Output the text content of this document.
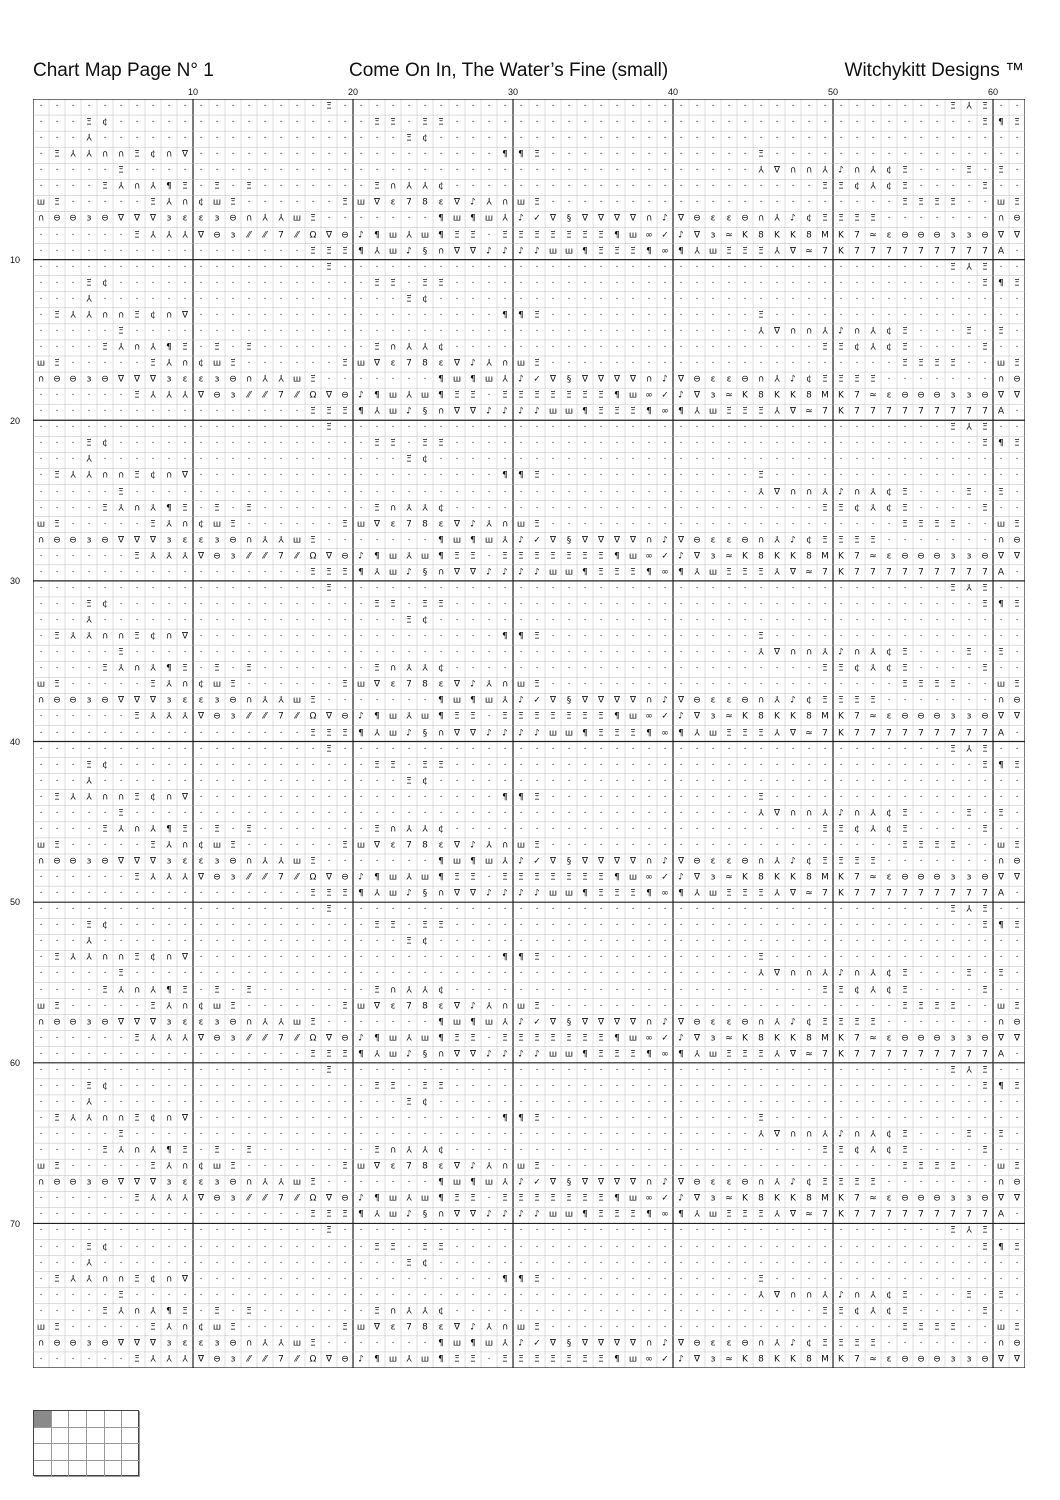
Chart Map Page N° 1	Come On In, The Water’s Fine (small)	Witchykitt Designs ™
10	20	30	40	50	60
10
20
30
40
50
60
70
· · · · · · · · · · · · · · · · · · Ξ · · · · · · · · · · · · · · · · · · · · · · · · · · · · · · · · · · · · · · Ξ ⅄ Ξ · ·
· · · Ξ ¢ · · · · · · · · · · · · · · · · Ξ Ξ · Ξ Ξ · · · · · · · · · · · · · · · · · · · · · · · · · · · · · · · · · Ξ ¶ Ξ
· · · ⅄ · · · · · · · · · · · · · · · · · · · Ξ ¢ · · · · · · · · · · · · · · · · · · · · · · · · · · · · · · · · · · · · ·
· Ξ ⅄ ⅄ ∩ ∩ Ξ ¢ ∩ ∇ · · · · · · · · · · · · · · · · · · · ¶ ¶ Ξ · · · · · · · · · · · · · Ξ · · · · · · · · · · · · · · · ·
· · · · · Ξ · · · · · · · · · · · · · · · · · · · · · · · · · · · · · · · · · · · · · · · ⅄ ∇ ∩ ∩ ⅄ ♪ ∩ ⅄ ¢ Ξ · · · Ξ · Ξ ·
· · · · Ξ ⅄ ∩ ⅄ ¶ Ξ · Ξ · Ξ · · · · · · · Ξ ∩ ⅄ ⅄ ¢ · · · · · · · · · · · · · · · · · · · · · · · Ξ Ξ ¢ ⅄ ¢ Ξ · · · · Ξ · ·
ш Ξ · · · · · Ξ ⅄ ∩ ¢ ш Ξ · · · · · · Ξ ш ∇ ε 7 8 ε ∇ ♪ ⅄ ∩ ш Ξ · · · · · · · · · · · · · · · · · · · · · · Ξ Ξ Ξ Ξ · · ш Ξ
∩ ⊖ ⊖ ɜ ⊖ ∇ ∇ ∇ ɜ ε ε ɜ ⊖ ∩ ⅄ ⅄ ш Ξ · · · · · · · ¶ ш ¶ ш ⅄ ♪ ✓ ∇ § ∇ ∇ ∇ ∇ ∩ ♪ ∇ ⊖ ε ε ⊖ ∩ ⅄ ♪ ¢ Ξ Ξ Ξ Ξ · · · · · · · ∩ ⊖
· · · · · · Ξ ⅄ ⅄ ⅄ ∇ ⊖ ɜ ⁄⁄ ⁄⁄ 7 ⁄⁄ Ω ∇ ⊖ ♪ ¶ ш ⅄ ш ¶ Ξ Ξ · Ξ Ξ Ξ Ξ Ξ Ξ Ξ ¶ ш ∞ ✓ ♪ ∇ ɜ ≈ K 8 K K 8 M K 7 ≈ ε ⊖ ⊖ ⊖ ɜ ɜ ⊖ ∇ ∇
· · · · · · · · · · · · · · · · · Ξ Ξ Ξ ¶ ⅄ ш ♪ § ∩ ∇ ∇ ♪ ♪ ♪ ♪ ш ш ¶ Ξ Ξ Ξ ¶ ∞ ¶ ⅄ ш Ξ Ξ Ξ ⅄ ∇ ≈ 7 K 7 7 7 7 7 7 7 7 7 A ·
· · · · · · · · · · · · · · · · · · Ξ · · · · · · · · · · · · · · · · · · · · · · · · · · · · · · · · · · · · · · Ξ ⅄ Ξ · ·
· · · Ξ ¢ · · · · · · · · · · · · · · · · Ξ Ξ · Ξ Ξ · · · · · · · · · · · · · · · · · · · · · · · · · · · · · · · · · Ξ ¶ Ξ
· · · ⅄ · · · · · · · · · · · · · · · · · · · Ξ ¢ · · · · · · · · · · · · · · · · · · · · · · · · · · · · · · · · · · · · ·
· Ξ ⅄ ⅄ ∩ ∩ Ξ ¢ ∩ ∇ · · · · · · · · · · · · · · · · · · · ¶ ¶ Ξ · · · · · · · · · · · · · Ξ · · · · · · · · · · · · · · · ·
· · · · · Ξ · · · · · · · · · · · · · · · · · · · · · · · · · · · · · · · · · · · · · · · ⅄ ∇ ∩ ∩ ⅄ ♪ ∩ ⅄ ¢ Ξ · · · Ξ · Ξ ·
· · · · Ξ ⅄ ∩ ⅄ ¶ Ξ · Ξ · Ξ · · · · · · · Ξ ∩ ⅄ ⅄ ¢ · · · · · · · · · · · · · · · · · · · · · · · Ξ Ξ ¢ ⅄ ¢ Ξ · · · · Ξ · ·
ш Ξ · · · · · Ξ ⅄ ∩ ¢ ш Ξ · · · · · · Ξ ш ∇ ε 7 8 ε ∇ ♪ ⅄ ∩ ш Ξ · · · · · · · · · · · · · · · · · · · · · · Ξ Ξ Ξ Ξ · · ш Ξ
∩ ⊖ ⊖ ɜ ⊖ ∇ ∇ ∇ ɜ ε ε ɜ ⊖ ∩ ⅄ ⅄ ш Ξ · · · · · · · ¶ ш ¶ ш ⅄ ♪ ✓ ∇ § ∇ ∇ ∇ ∇ ∩ ♪ ∇ ⊖ ε ε ⊖ ∩ ⅄ ♪ ¢ Ξ Ξ Ξ Ξ · · · · · · · ∩ ⊖
· · · · · · Ξ ⅄ ⅄ ⅄ ∇ ⊖ ɜ ⁄⁄ ⁄⁄ 7 ⁄⁄ Ω ∇ ⊖ ♪ ¶ ш ⅄ ш ¶ Ξ Ξ · Ξ Ξ Ξ Ξ Ξ Ξ Ξ ¶ ш ∞ ✓ ♪ ∇ ɜ ≈ K 8 K K 8 M K 7 ≈ ε ⊖ ⊖ ⊖ ɜ ɜ ⊖ ∇ ∇
· · · · · · · · · · · · · · · · · Ξ Ξ Ξ ¶ ⅄ ш ♪ § ∩ ∇ ∇ ♪ ♪ ♪ ♪ ш ш ¶ Ξ Ξ Ξ ¶ ∞ ¶ ⅄ ш Ξ Ξ Ξ ⅄ ∇ ≈ 7 K 7 7 7 7 7 7 7 7 7 A ·
· · · · · · · · · · · · · · · · · · Ξ · · · · · · · · · · · · · · · · · · · · · · · · · · · · · · · · · · · · · · Ξ ⅄ Ξ · ·
· · · Ξ ¢ · · · · · · · · · · · · · · · · Ξ Ξ · Ξ Ξ · · · · · · · · · · · · · · · · · · · · · · · · · · · · · · · · · Ξ ¶ Ξ
· · · ⅄ · · · · · · · · · · · · · · · · · · · Ξ ¢ · · · · · · · · · · · · · · · · · · · · · · · · · · · · · · · · · · · · ·
· Ξ ⅄ ⅄ ∩ ∩ Ξ ¢ ∩ ∇ · · · · · · · · · · · · · · · · · · · ¶ ¶ Ξ · · · · · · · · · · · · · Ξ · · · · · · · · · · · · · · · ·
· · · · · Ξ · · · · · · · · · · · · · · · · · · · · · · · · · · · · · · · · · · · · · · · ⅄ ∇ ∩ ∩ ⅄ ♪ ∩ ⅄ ¢ Ξ · · · Ξ · Ξ ·
· · · · Ξ ⅄ ∩ ⅄ ¶ Ξ · Ξ · Ξ · · · · · · · Ξ ∩ ⅄ ⅄ ¢ · · · · · · · · · · · · · · · · · · · · · · · Ξ Ξ ¢ ⅄ ¢ Ξ · · · · Ξ · ·
ш Ξ · · · · · Ξ ⅄ ∩ ¢ ш Ξ · · · · · · Ξ ш ∇ ε 7 8 ε ∇ ♪ ⅄ ∩ ш Ξ · · · · · · · · · · · · · · · · · · · · · · Ξ Ξ Ξ Ξ · · ш Ξ
∩ ⊖ ⊖ ɜ ⊖ ∇ ∇ ∇ ɜ ε ε ɜ ⊖ ∩ ⅄ ⅄ ш Ξ · · · · · · · ¶ ш ¶ ш ⅄ ♪ ✓ ∇ § ∇ ∇ ∇ ∇ ∩ ♪ ∇ ⊖ ε ε ⊖ ∩ ⅄ ♪ ¢ Ξ Ξ Ξ Ξ · · · · · · · ∩ ⊖
· · · · · · Ξ ⅄ ⅄ ⅄ ∇ ⊖ ɜ ⁄⁄ ⁄⁄ 7 ⁄⁄ Ω ∇ ⊖ ♪ ¶ ш ⅄ ш ¶ Ξ Ξ · Ξ Ξ Ξ Ξ Ξ Ξ Ξ ¶ ш ∞ ✓ ♪ ∇ ɜ ≈ K 8 K K 8 M K 7 ≈ ε ⊖ ⊖ ⊖ ɜ ɜ ⊖ ∇ ∇
· · · · · · · · · · · · · · · · · Ξ Ξ Ξ ¶ ⅄ ш ♪ § ∩ ∇ ∇ ♪ ♪ ♪ ♪ ш ш ¶ Ξ Ξ Ξ ¶ ∞ ¶ ⅄ ш Ξ Ξ Ξ ⅄ ∇ ≈ 7 K 7 7 7 7 7 7 7 7 7 A ·
· · · · · · · · · · · · · · · · · · Ξ · · · · · · · · · · · · · · · · · · · · · · · · · · · · · · · · · · · · · · Ξ ⅄ Ξ · ·
· · · Ξ ¢ · · · · · · · · · · · · · · · · Ξ Ξ · Ξ Ξ · · · · · · · · · · · · · · · · · · · · · · · · · · · · · · · · · Ξ ¶ Ξ
· · · ⅄ · · · · · · · · · · · · · · · · · · · Ξ ¢ · · · · · · · · · · · · · · · · · · · · · · · · · · · · · · · · · · · · ·
· Ξ ⅄ ⅄ ∩ ∩ Ξ ¢ ∩ ∇ · · · · · · · · · · · · · · · · · · · ¶ ¶ Ξ · · · · · · · · · · · · · Ξ · · · · · · · · · · · · · · · ·
· · · · · Ξ · · · · · · · · · · · · · · · · · · · · · · · · · · · · · · · · · · · · · · · ⅄ ∇ ∩ ∩ ⅄ ♪ ∩ ⅄ ¢ Ξ · · · Ξ · Ξ ·
· · · · Ξ ⅄ ∩ ⅄ ¶ Ξ · Ξ · Ξ · · · · · · · Ξ ∩ ⅄ ⅄ ¢ · · · · · · · · · · · · · · · · · · · · · · · Ξ Ξ ¢ ⅄ ¢ Ξ · · · · Ξ · ·
ш Ξ · · · · · Ξ ⅄ ∩ ¢ ш Ξ · · · · · · Ξ ш ∇ ε 7 8 ε ∇ ♪ ⅄ ∩ ш Ξ · · · · · · · · · · · · · · · · · · · · · · Ξ Ξ Ξ Ξ · · ш Ξ
∩ ⊖ ⊖ ɜ ⊖ ∇ ∇ ∇ ɜ ε ε ɜ ⊖ ∩ ⅄ ⅄ ш Ξ · · · · · · · ¶ ш ¶ ш ⅄ ♪ ✓ ∇ § ∇ ∇ ∇ ∇ ∩ ♪ ∇ ⊖ ε ε ⊖ ∩ ⅄ ♪ ¢ Ξ Ξ Ξ Ξ · · · · · · · ∩ ⊖
· · · · · · Ξ ⅄ ⅄ ⅄ ∇ ⊖ ɜ ⁄⁄ ⁄⁄ 7 ⁄⁄ Ω ∇ ⊖ ♪ ¶ ш ⅄ ш ¶ Ξ Ξ · Ξ Ξ Ξ Ξ Ξ Ξ Ξ ¶ ш ∞ ✓ ♪ ∇ ɜ ≈ K 8 K K 8 M K 7 ≈ ε ⊖ ⊖ ⊖ ɜ ɜ ⊖ ∇ ∇
· · · · · · · · · · · · · · · · · Ξ Ξ Ξ ¶ ⅄ ш ♪ § ∩ ∇ ∇ ♪ ♪ ♪ ♪ ш ш ¶ Ξ Ξ Ξ ¶ ∞ ¶ ⅄ ш Ξ Ξ Ξ ⅄ ∇ ≈ 7 K 7 7 7 7 7 7 7 7 7 A ·
· · · · · · · · · · · · · · · · · · Ξ · · · · · · · · · · · · · · · · · · · · · · · · · · · · · · · · · · · · · · Ξ ⅄ Ξ · ·
· · · Ξ ¢ · · · · · · · · · · · · · · · · Ξ Ξ · Ξ Ξ · · · · · · · · · · · · · · · · · · · · · · · · · · · · · · · · · Ξ ¶ Ξ
· · · ⅄ · · · · · · · · · · · · · · · · · · · Ξ ¢ · · · · · · · · · · · · · · · · · · · · · · · · · · · · · · · · · · · · ·
· Ξ ⅄ ⅄ ∩ ∩ Ξ ¢ ∩ ∇ · · · · · · · · · · · · · · · · · · · ¶ ¶ Ξ · · · · · · · · · · · · · Ξ · · · · · · · · · · · · · · · ·
· · · · · Ξ · · · · · · · · · · · · · · · · · · · · · · · · · · · · · · · · · · · · · · · ⅄ ∇ ∩ ∩ ⅄ ♪ ∩ ⅄ ¢ Ξ · · · Ξ · Ξ ·
· · · · Ξ ⅄ ∩ ⅄ ¶ Ξ · Ξ · Ξ · · · · · · · Ξ ∩ ⅄ ⅄ ¢ · · · · · · · · · · · · · · · · · · · · · · · Ξ Ξ ¢ ⅄ ¢ Ξ · · · · Ξ · ·
ш Ξ · · · · · Ξ ⅄ ∩ ¢ ш Ξ · · · · · · Ξ ш ∇ ε 7 8 ε ∇ ♪ ⅄ ∩ ш Ξ · · · · · · · · · · · · · · · · · · · · · · Ξ Ξ Ξ Ξ · · ш Ξ
∩ ⊖ ⊖ ɜ ⊖ ∇ ∇ ∇ ɜ ε ε ɜ ⊖ ∩ ⅄ ⅄ ш Ξ · · · · · · · ¶ ш ¶ ш ⅄ ♪ ✓ ∇ § ∇ ∇ ∇ ∇ ∩ ♪ ∇ ⊖ ε ε ⊖ ∩ ⅄ ♪ ¢ Ξ Ξ Ξ Ξ · · · · · · · ∩ ⊖
· · · · · · Ξ ⅄ ⅄ ⅄ ∇ ⊖ ɜ ⁄⁄ ⁄⁄ 7 ⁄⁄ Ω ∇ ⊖ ♪ ¶ ш ⅄ ш ¶ Ξ Ξ · Ξ Ξ Ξ Ξ Ξ Ξ Ξ ¶ ш ∞ ✓ ♪ ∇ ɜ ≈ K 8 K K 8 M K 7 ≈ ε ⊖ ⊖ ⊖ ɜ ɜ ⊖ ∇ ∇
· · · · · · · · · · · · · · · · · Ξ Ξ Ξ ¶ ⅄ ш ♪ § ∩ ∇ ∇ ♪ ♪ ♪ ♪ ш ш ¶ Ξ Ξ Ξ ¶ ∞ ¶ ⅄ ш Ξ Ξ Ξ ⅄ ∇ ≈ 7 K 7 7 7 7 7 7 7 7 7 A ·
· · · · · · · · · · · · · · · · · · Ξ · · · · · · · · · · · · · · · · · · · · · · · · · · · · · · · · · · · · · · Ξ ⅄ Ξ · ·
· · · Ξ ¢ · · · · · · · · · · · · · · · · Ξ Ξ · Ξ Ξ · · · · · · · · · · · · · · · · · · · · · · · · · · · · · · · · · Ξ ¶ Ξ
· · · ⅄ · · · · · · · · · · · · · · · · · · · Ξ ¢ · · · · · · · · · · · · · · · · · · · · · · · · · · · · · · · · · · · · ·
· Ξ ⅄ ⅄ ∩ ∩ Ξ ¢ ∩ ∇ · · · · · · · · · · · · · · · · · · · ¶ ¶ Ξ · · · · · · · · · · · · · Ξ · · · · · · · · · · · · · · · ·
· · · · · Ξ · · · · · · · · · · · · · · · · · · · · · · · · · · · · · · · · · · · · · · · ⅄ ∇ ∩ ∩ ⅄ ♪ ∩ ⅄ ¢ Ξ · · · Ξ · Ξ ·
· · · · Ξ ⅄ ∩ ⅄ ¶ Ξ · Ξ · Ξ · · · · · · · Ξ ∩ ⅄ ⅄ ¢ · · · · · · · · · · · · · · · · · · · · · · · Ξ Ξ ¢ ⅄ ¢ Ξ · · · · Ξ · ·
ш Ξ · · · · · Ξ ⅄ ∩ ¢ ш Ξ · · · · · · Ξ ш ∇ ε 7 8 ε ∇ ♪ ⅄ ∩ ш Ξ · · · · · · · · · · · · · · · · · · · · · · Ξ Ξ Ξ Ξ · · ш Ξ
∩ ⊖ ⊖ ɜ ⊖ ∇ ∇ ∇ ɜ ε ε ɜ ⊖ ∩ ⅄ ⅄ ш Ξ · · · · · · · ¶ ш ¶ ш ⅄ ♪ ✓ ∇ § ∇ ∇ ∇ ∇ ∩ ♪ ∇ ⊖ ε ε ⊖ ∩ ⅄ ♪ ¢ Ξ Ξ Ξ Ξ · · · · · · · ∩ ⊖
· · · · · · Ξ ⅄ ⅄ ⅄ ∇ ⊖ ɜ ⁄⁄ ⁄⁄ 7 ⁄⁄ Ω ∇ ⊖ ♪ ¶ ш ⅄ ш ¶ Ξ Ξ · Ξ Ξ Ξ Ξ Ξ Ξ Ξ ¶ ш ∞ ✓ ♪ ∇ ɜ ≈ K 8 K K 8 M K 7 ≈ ε ⊖ ⊖ ⊖ ɜ ɜ ⊖ ∇ ∇
· · · · · · · · · · · · · · · · · Ξ Ξ Ξ ¶ ⅄ ш ♪ § ∩ ∇ ∇ ♪ ♪ ♪ ♪ ш ш ¶ Ξ Ξ Ξ ¶ ∞ ¶ ⅄ ш Ξ Ξ Ξ ⅄ ∇ ≈ 7 K 7 7 7 7 7 7 7 7 7 A ·
· · · · · · · · · · · · · · · · · · Ξ · · · · · · · · · · · · · · · · · · · · · · · · · · · · · · · · · · · · · · Ξ ⅄ Ξ · ·
· · · Ξ ¢ · · · · · · · · · · · · · · · · Ξ Ξ · Ξ Ξ · · · · · · · · · · · · · · · · · · · · · · · · · · · · · · · · · Ξ ¶ Ξ
· · · ⅄ · · · · · · · · · · · · · · · · · · · Ξ ¢ · · · · · · · · · · · · · · · · · · · · · · · · · · · · · · · · · · · · ·
· Ξ ⅄ ⅄ ∩ ∩ Ξ ¢ ∩ ∇ · · · · · · · · · · · · · · · · · · · ¶ ¶ Ξ · · · · · · · · · · · · · Ξ · · · · · · · · · · · · · · · ·
· · · · · Ξ · · · · · · · · · · · · · · · · · · · · · · · · · · · · · · · · · · · · · · · ⅄ ∇ ∩ ∩ ⅄ ♪ ∩ ⅄ ¢ Ξ · · · Ξ · Ξ ·
· · · · Ξ ⅄ ∩ ⅄ ¶ Ξ · Ξ · Ξ · · · · · · · Ξ ∩ ⅄ ⅄ ¢ · · · · · · · · · · · · · · · · · · · · · · · Ξ Ξ ¢ ⅄ ¢ Ξ · · · · Ξ · ·
ш Ξ · · · · · Ξ ⅄ ∩ ¢ ш Ξ · · · · · · Ξ ш ∇ ε 7 8 ε ∇ ♪ ⅄ ∩ ш Ξ · · · · · · · · · · · · · · · · · · · · · · Ξ Ξ Ξ Ξ · · ш Ξ
∩ ⊖ ⊖ ɜ ⊖ ∇ ∇ ∇ ɜ ε ε ɜ ⊖ ∩ ⅄ ⅄ ш Ξ · · · · · · · ¶ ш ¶ ш ⅄ ♪ ✓ ∇ § ∇ ∇ ∇ ∇ ∩ ♪ ∇ ⊖ ε ε ⊖ ∩ ⅄ ♪ ¢ Ξ Ξ Ξ Ξ · · · · · · · ∩ ⊖
· · · · · · Ξ ⅄ ⅄ ⅄ ∇ ⊖ ɜ ⁄⁄ ⁄⁄ 7 ⁄⁄ Ω ∇ ⊖ ♪ ¶ ш ⅄ ш ¶ Ξ Ξ · Ξ Ξ Ξ Ξ Ξ Ξ Ξ ¶ ш ∞ ✓ ♪ ∇ ɜ ≈ K 8 K K 8 M K 7 ≈ ε ⊖ ⊖ ⊖ ɜ ɜ ⊖ ∇ ∇
· · · · · · · · · · · · · · · · · Ξ Ξ Ξ ¶ ⅄ ш ♪ § ∩ ∇ ∇ ♪ ♪ ♪ ♪ ш ш ¶ Ξ Ξ Ξ ¶ ∞ ¶ ⅄ ш Ξ Ξ Ξ ⅄ ∇ ≈ 7 K 7 7 7 7 7 7 7 7 7 A ·
· · · · · · · · · · · · · · · · · · Ξ · · · · · · · · · · · · · · · · · · · · · · · · · · · · · · · · · · · · · · Ξ ⅄ Ξ · ·
· · · Ξ ¢ · · · · · · · · · · · · · · · · Ξ Ξ · Ξ Ξ · · · · · · · · · · · · · · · · · · · · · · · · · · · · · · · · · Ξ ¶ Ξ
· · · ⅄ · · · · · · · · · · · · · · · · · · · Ξ ¢ · · · · · · · · · · · · · · · · · · · · · · · · · · · · · · · · · · · · ·
· Ξ ⅄ ⅄ ∩ ∩ Ξ ¢ ∩ ∇ · · · · · · · · · · · · · · · · · · · ¶ ¶ Ξ · · · · · · · · · · · · · Ξ · · · · · · · · · · · · · · · ·
· · · · · Ξ · · · · · · · · · · · · · · · · · · · · · · · · · · · · · · · · · · · · · · · ⅄ ∇ ∩ ∩ ⅄ ♪ ∩ ⅄ ¢ Ξ · · · Ξ · Ξ ·
· · · · Ξ ⅄ ∩ ⅄ ¶ Ξ · Ξ · Ξ · · · · · · · Ξ ∩ ⅄ ⅄ ¢ · · · · · · · · · · · · · · · · · · · · · · · Ξ Ξ ¢ ⅄ ¢ Ξ · · · · Ξ · ·
ш Ξ · · · · · Ξ ⅄ ∩ ¢ ш Ξ · · · · · · Ξ ш ∇ ε 7 8 ε ∇ ♪ ⅄ ∩ ш Ξ · · · · · · · · · · · · · · · · · · · · · · Ξ Ξ Ξ Ξ · · ш Ξ
∩ ⊖ ⊖ ɜ ⊖ ∇ ∇ ∇ ɜ ε ε ɜ ⊖ ∩ ⅄ ⅄ ш Ξ · · · · · · · ¶ ш ¶ ш ⅄ ♪ ✓ ∇ § ∇ ∇ ∇ ∇ ∩ ♪ ∇ ⊖ ε ε ⊖ ∩ ⅄ ♪ ¢ Ξ Ξ Ξ Ξ · · · · · · · ∩ ⊖
· · · · · · Ξ ⅄ ⅄ ⅄ ∇ ⊖ ɜ ⁄⁄ ⁄⁄ 7 ⁄⁄ Ω ∇ ⊖ ♪ ¶ ш ⅄ ш ¶ Ξ Ξ · Ξ Ξ Ξ Ξ Ξ Ξ Ξ ¶ ш ∞ ✓ ♪ ∇ ɜ ≈ K 8 K K 8 M K 7 ≈ ε ⊖ ⊖ ⊖ ɜ ɜ ⊖ ∇ ∇
